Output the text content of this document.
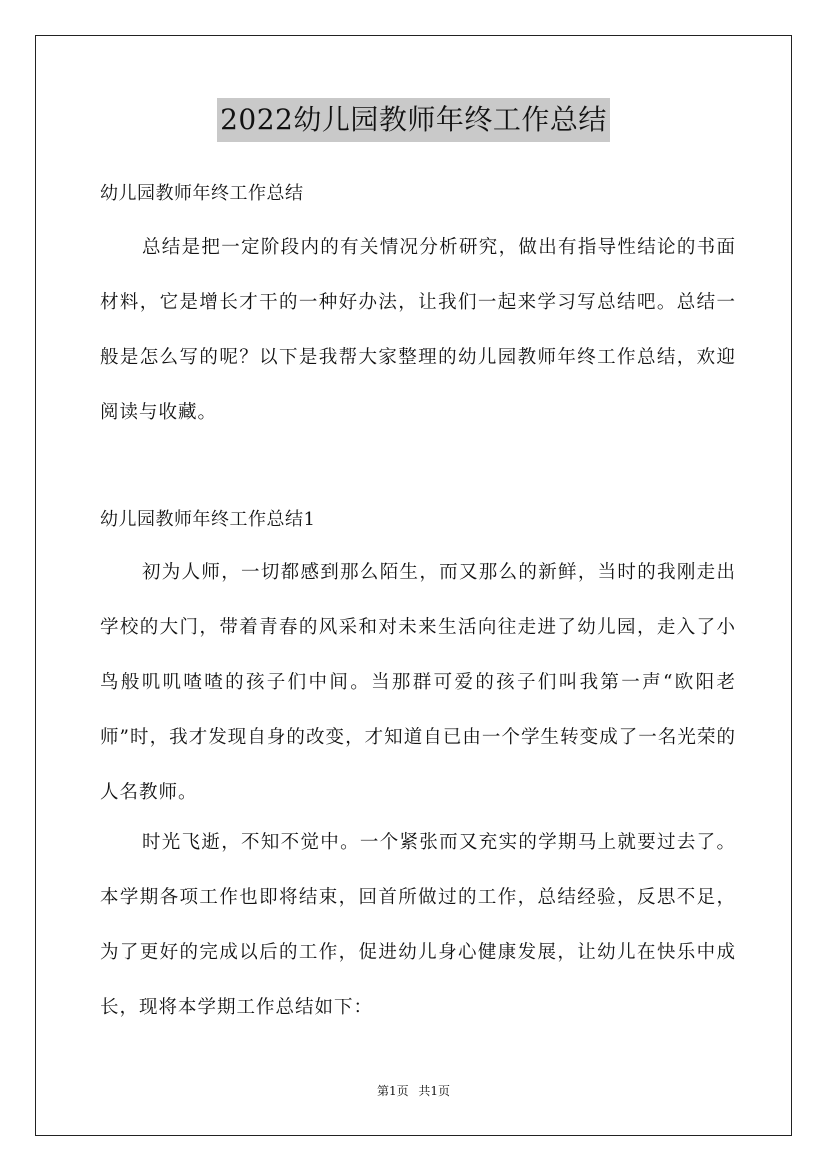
2022幼儿园教师年终工作总结
幼儿园教师年终工作总结

总结是把一定阶段内的有关情况分析研究，做出有指导性结论的书面材料，它是增长才干的一种好办法，让我们一起来学习写总结吧。总结一般是怎么写的呢？以下是我帮大家整理的幼儿园教师年终工作总结，欢迎阅读与收藏。

幼儿园教师年终工作总结1

初为人师，一切都感到那么陌生，而又那么的新鲜，当时的我刚走出学校的大门，带着青春的风采和对未来生活向往走进了幼儿园，走入了小鸟般叽叽喳喳的孩子们中间。当那群可爱的孩子们叫我第一声“欧阳老师”时，我才发现自身的改变，才知道自已由一个学生转变成了一名光荣的人名教师。

时光飞逝，不知不觉中。一个紧张而又充实的学期马上就要过去了。本学期各项工作也即将结束，回首所做过的工作，总结经验，反思不足，为了更好的完成以后的工作，促进幼儿身心健康发展，让幼儿在快乐中成长，现将本学期工作总结如下：

第1页 共1页
